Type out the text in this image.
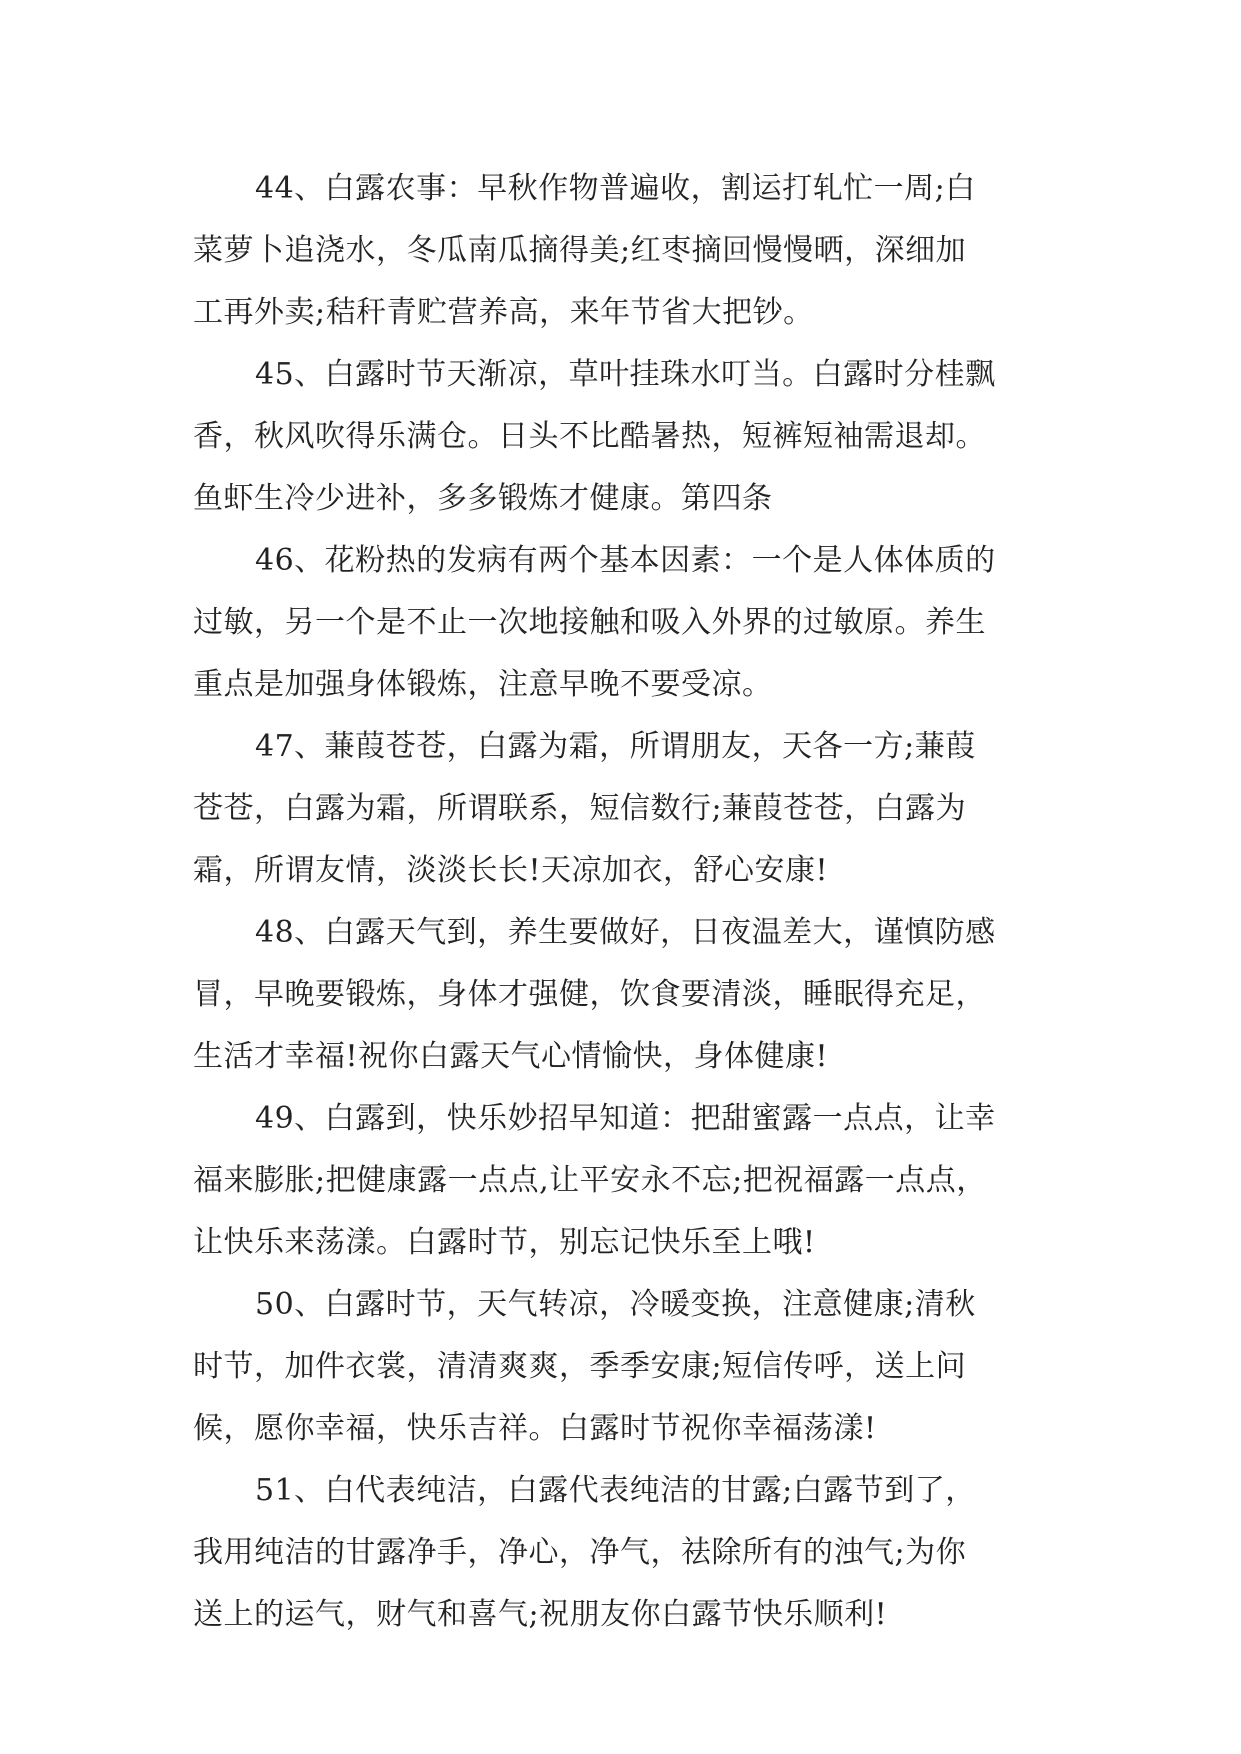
44、白露农事：早秋作物普遍收，割运打轧忙一周;白
菜萝卜追浇水，冬瓜南瓜摘得美;红枣摘回慢慢晒，深细加
工再外卖;秸秆青贮营养高，来年节省大把钞。
45、白露时节天渐凉，草叶挂珠水叮当。白露时分桂飘
香，秋风吹得乐满仓。日头不比酷暑热，短裤短袖需退却。
鱼虾生冷少进补，多多锻炼才健康。第四条
46、花粉热的发病有两个基本因素：一个是人体体质的
过敏，另一个是不止一次地接触和吸入外界的过敏原。养生
重点是加强身体锻炼，注意早晚不要受凉。
47、蒹葭苍苍，白露为霜，所谓朋友，天各一方;蒹葭
苍苍，白露为霜，所谓联系，短信数行;蒹葭苍苍，白露为
霜，所谓友情，淡淡长长!天凉加衣，舒心安康!
48、白露天气到，养生要做好，日夜温差大，谨慎防感
冒，早晚要锻炼，身体才强健，饮食要清淡，睡眠得充足，
生活才幸福!祝你白露天气心情愉快，身体健康!
49、白露到，快乐妙招早知道：把甜蜜露一点点，让幸
福来膨胀;把健康露一点点,让平安永不忘;把祝福露一点点，
让快乐来荡漾。白露时节，别忘记快乐至上哦!
50、白露时节，天气转凉，冷暖变换，注意健康;清秋
时节，加件衣裳，清清爽爽，季季安康;短信传呼，送上问
候，愿你幸福，快乐吉祥。白露时节祝你幸福荡漾!
51、白代表纯洁，白露代表纯洁的甘露;白露节到了，
我用纯洁的甘露净手，净心，净气，祛除所有的浊气;为你
送上的运气，财气和喜气;祝朋友你白露节快乐顺利!
